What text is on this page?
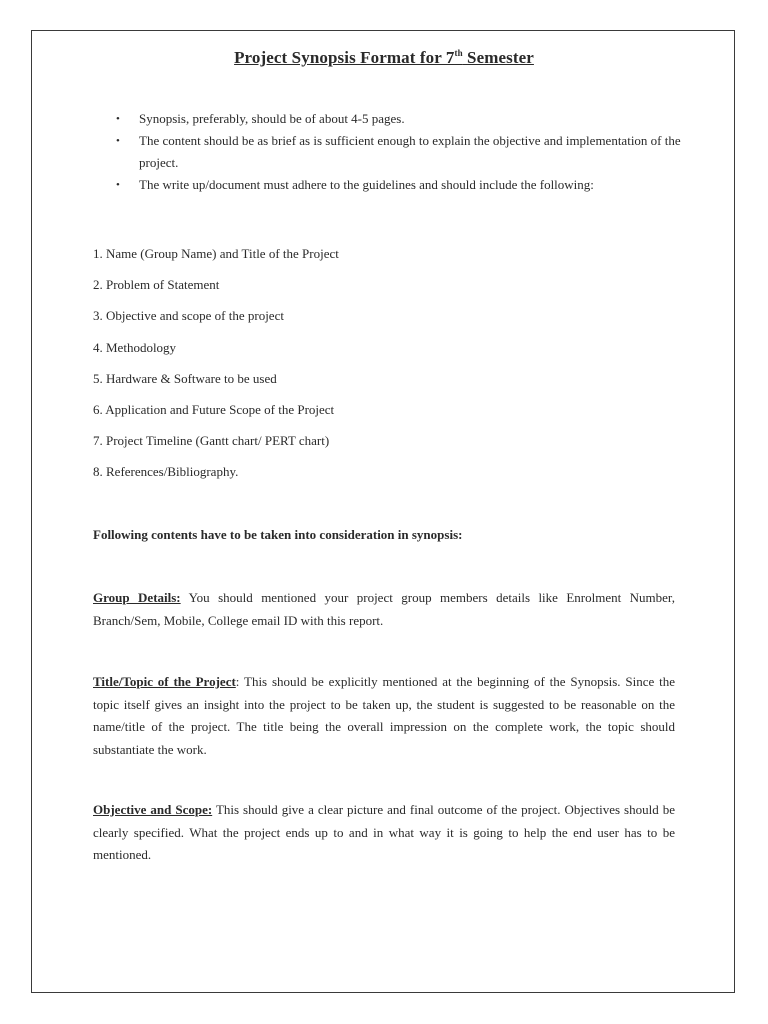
Project Synopsis Format for 7th Semester
• Synopsis, preferably, should be of about 4-5 pages.
• The content should be as brief as is sufficient enough to explain the objective and implementation of the project.
• The write up/document must adhere to the guidelines and should include the following:
1. Name (Group Name) and Title of the Project
2. Problem of Statement
3. Objective and scope of the project
4. Methodology
5. Hardware & Software to be used
6. Application and Future Scope of the Project
7. Project Timeline (Gantt chart/ PERT chart)
8. References/Bibliography.
Following contents have to be taken into consideration in synopsis:

Group Details: You should mentioned your project group members details like Enrolment Number, Branch/Sem, Mobile, College email ID with this report.

Title/Topic of the Project: This should be explicitly mentioned at the beginning of the Synopsis. Since the topic itself gives an insight into the project to be taken up, the student is suggested to be reasonable on the name/title of the project. The title being the overall impression on the complete work, the topic should substantiate the work.

Objective and Scope: This should give a clear picture and final outcome of the project. Objectives should be clearly specified. What the project ends up to and in what way it is going to help the end user has to be mentioned.
